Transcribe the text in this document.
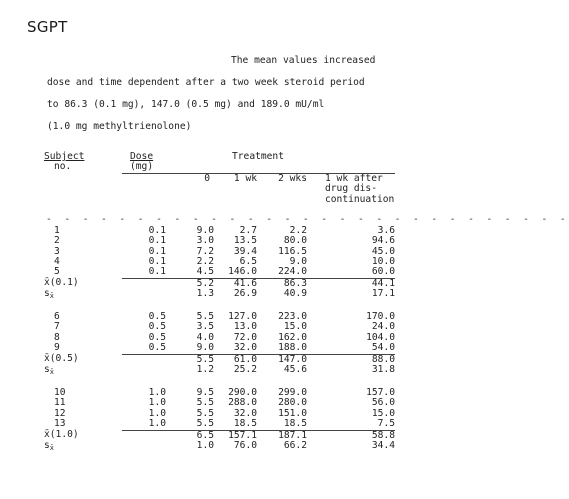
SGPT
The mean values increased
dose and time dependent after a two week steroid period
to 86.3 (0.1 mg), 147.0 (0.5 mg) and 189.0 mU/ml
(1.0 mg methyltrienolone)
- - - - - - - - - - - - - - - - - - - - - - - - - - - - -
Subject	Dose	Treatment			
no.	(mg)				
		0	1 wk	2 wks	1 wk after
					drug dis-
					continuation

1	0.1	9.0	2.7	2.2	3.6
2	0.1	3.0	13.5	80.0	94.6
3	0.1	7.2	39.4	116.5	45.0
4	0.1	2.2	6.5	9.0	10.0
5	0.1	4.5	146.0	224.0	60.0
x̄(0.1)		5.2	41.6	86.3	44.1
$s_{x̄}$		1.3	26.9	40.9	17.1

6	0.5	5.5	127.0	223.0	170.0
7	0.5	3.5	13.0	15.0	24.0
8	0.5	4.0	72.0	162.0	104.0
9	0.5	9.0	32.0	188.0	54.0
x̄(0.5)		5.5	61.0	147.0	88.0
$s_{x̄}$		1.2	25.2	45.6	31.8

10	1.0	9.5	290.0	299.0	157.0
11	1.0	5.5	288.0	280.0	56.0
12	1.0	5.5	32.0	151.0	15.0
13	1.0	5.5	18.5	18.5	7.5
x̄(1.0)		6.5	157.1	187.1	58.8
$s_{x̄}$		1.0	76.0	66.2	34.4
